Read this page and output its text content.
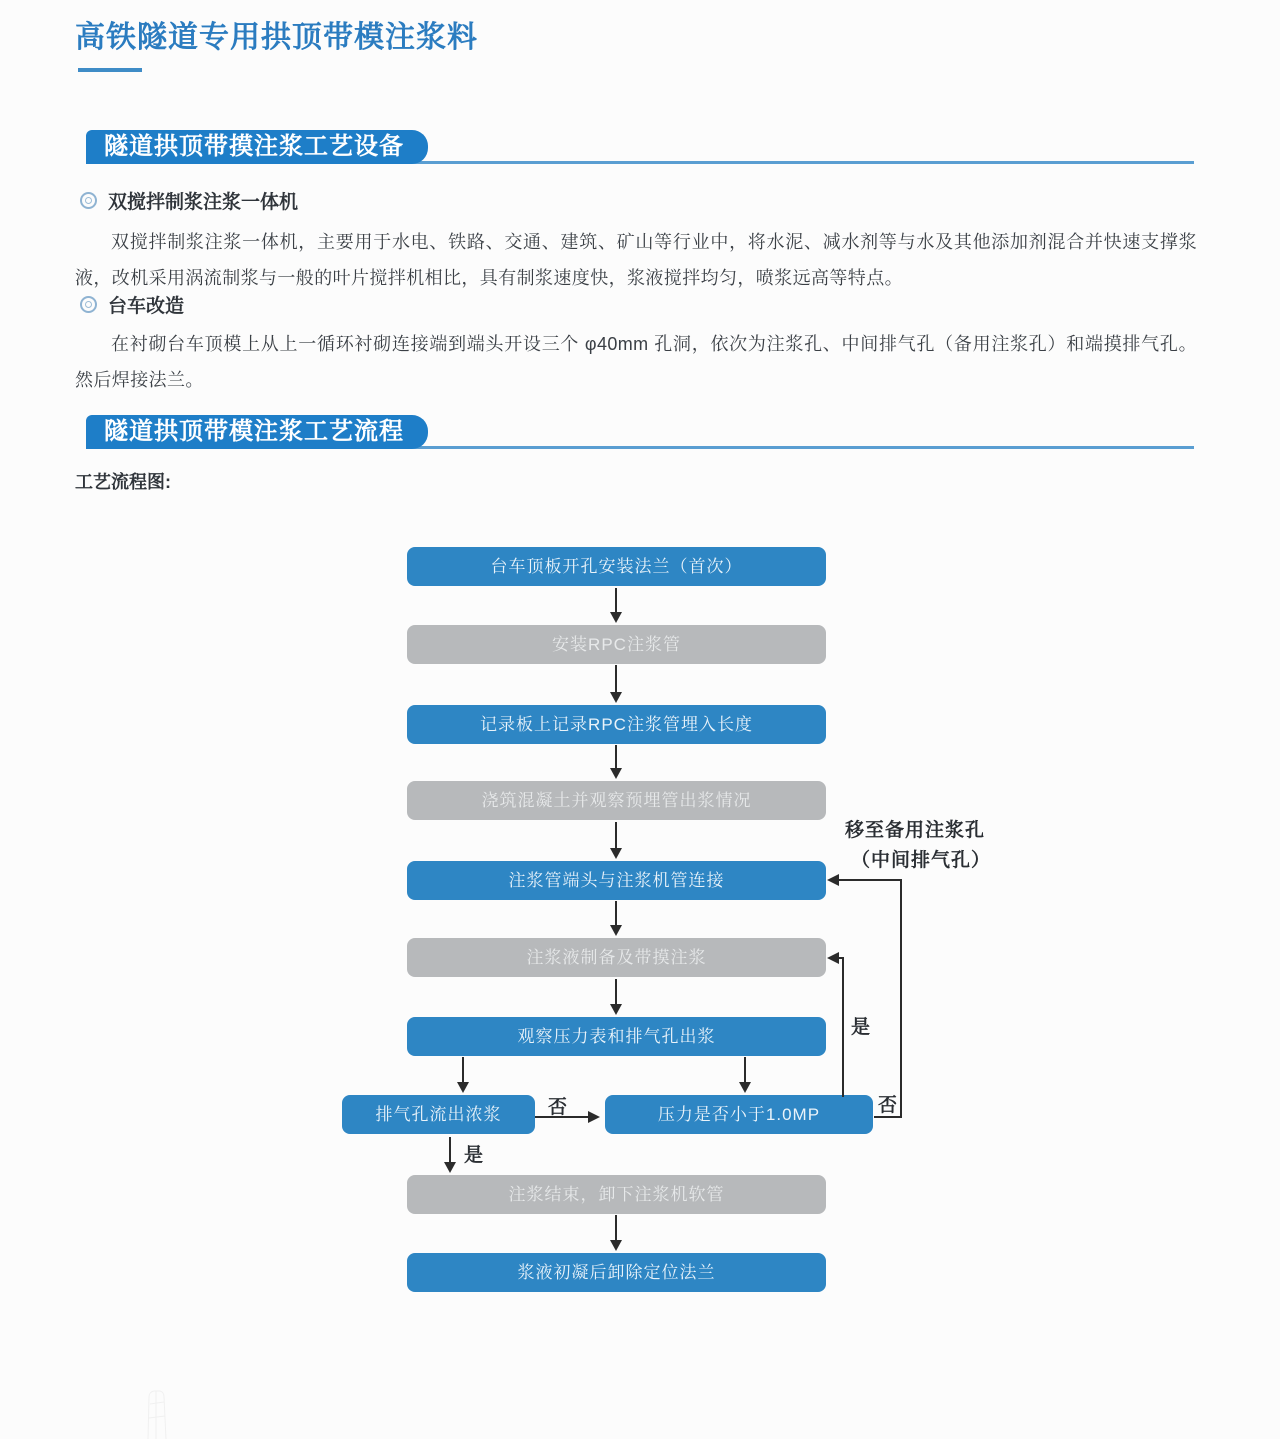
高铁隧道专用拱顶带模注浆料
隧道拱顶带摸注浆工艺设备
双搅拌制浆注浆一体机

双搅拌制浆注浆一体机，主要用于水电、铁路、交通、建筑、矿山等行业中，将水泥、减水剂等与水及其他添加剂混合并快速支撑浆液，改机采用涡流制浆与一般的叶片搅拌机相比，具有制浆速度快，浆液搅拌均匀，喷浆远高等特点。

台车改造

在衬砌台车顶模上从上一循环衬砌连接端到端头开设三个 φ40mm 孔洞，依次为注浆孔、中间排气孔（备用注浆孔）和端摸排气孔。然后焊接法兰。

隧道拱顶带模注浆工艺流程
工艺流程图:
台车顶板开孔安装法兰（首次）
安装RPC注浆管
记录板上记录RPC注浆管埋入长度
浇筑混凝土并观察预埋管出浆情况
注浆管端头与注浆机管连接
注浆液制备及带摸注浆
观察压力表和排气孔出浆
排气孔流出浓浆	压力是否小于1.0MP
注浆结束，卸下注浆机软管
浆液初凝后卸除定位法兰
否
是
是
否
移至备用注浆孔
（中间排气孔）
